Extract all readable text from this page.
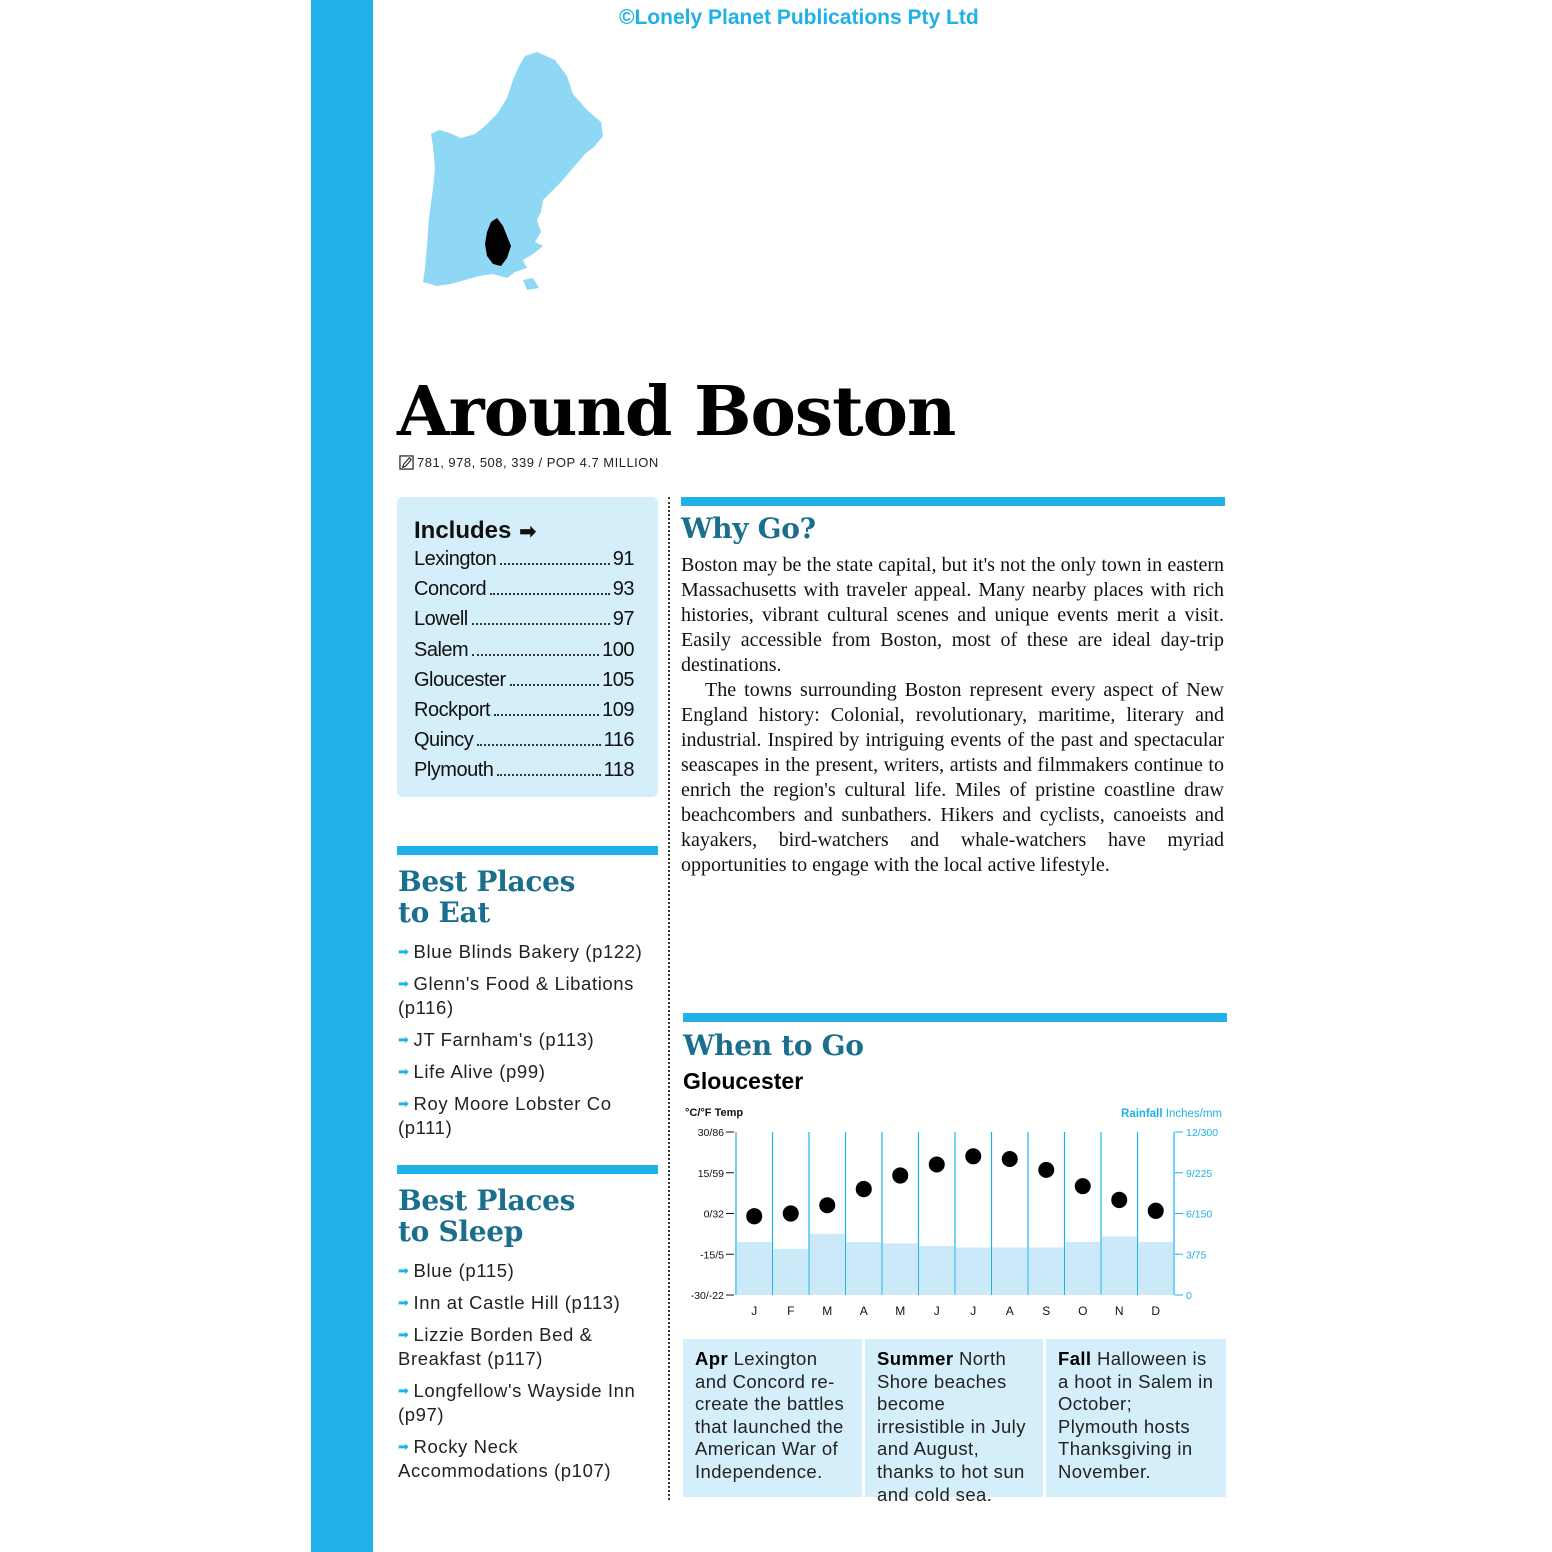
©Lonely Planet Publications Pty Ltd
Around Boston
781, 978, 508, 339 / POP 4.7 MILLION
Includes ➡
Lexington	91
Concord	93
Lowell	97
Salem	100
Gloucester	105
Rockport	109
Quincy	116
Plymouth	118
Best Places
to Eat
➡ Blue Blinds Bakery (p122)
➡ Glenn's Food & Libations (p116)
➡ JT Farnham's (p113)
➡ Life Alive (p99)
➡ Roy Moore Lobster Co (p111)
Best Places
to Sleep
➡ Blue (p115)
➡ Inn at Castle Hill (p113)
➡ Lizzie Borden Bed & Breakfast (p117)
➡ Longfellow's Wayside Inn (p97)
➡ Rocky Neck Accommodations (p107)
Why Go?

Boston may be the state capital, but it's not the only town in eastern Massachusetts with traveler appeal. Many nearby places with rich histories, vibrant cultural scenes and unique events merit a visit. Easily accessible from Boston, most of these are ideal day-trip destinations.

The towns surrounding Boston represent every aspect of New England history: Colonial, revolutionary, maritime, literary and industrial. Inspired by intriguing events of the past and spectacular seascapes in the present, writers, artists and filmmakers continue to enrich the region's cultural life. Miles of pristine coastline draw beachcombers and sunbathers. Hikers and cyclists, canoeists and kayakers, bird-watchers and whale-watchers have myriad opportunities to engage with the local active lifestyle.

When to Go
Gloucester
°C/°F Temp	Rainfall Inches/mm
30/86
15/59
0/32
-15/5
-30/-22
12/300
9/225
6/150
3/75
0
J F M A M J	J A S O N D
Apr Lexington and Concord re-create the battles that launched the American War of Independence.
Summer North Shore beaches become irresistible in July and August, thanks to hot sun and cold sea.
Fall Halloween is a hoot in Salem in October; Plymouth hosts Thanksgiving in November.
